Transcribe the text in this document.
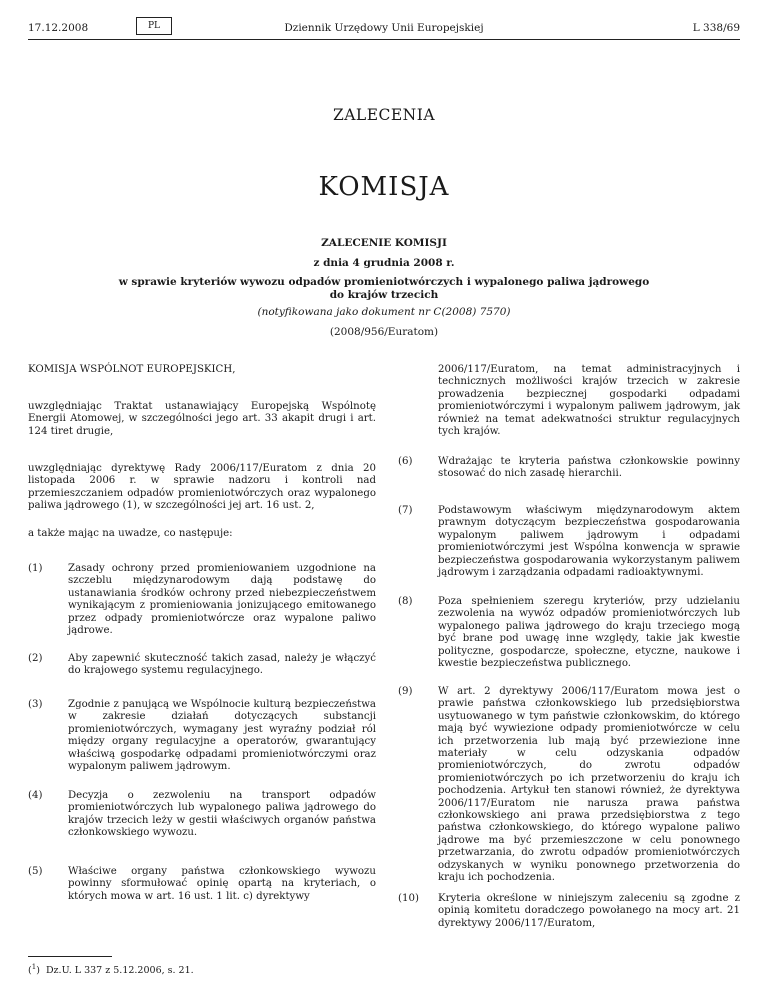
17.12.2008	PL	Dziennik Urzędowy Unii Europejskiej	L 338/69
ZALECENIA
KOMISJA
ZALECENIE KOMISJI
z dnia 4 grudnia 2008 r.
w sprawie kryteriów wywozu odpadów promieniotwórczych i wypalonego paliwa jądrowego do krajów trzecich
(notyfikowana jako dokument nr C(2008) 7570)
(2008/956/Euratom)
KOMISJA WSPÓLNOT EUROPEJSKICH,
uwzględniając Traktat ustanawiający Europejską Wspólnotę Energii Atomowej, w szczególności jego art. 33 akapit drugi i art. 124 tiret drugie,
uwzględniając dyrektywę Rady 2006/117/Euratom z dnia 20 listopada 2006 r. w sprawie nadzoru i kontroli nad przemieszczaniem odpadów promieniotwórczych oraz wypalonego paliwa jądrowego (1), w szczególności jej art. 16 ust. 2,
a także mając na uwadze, co następuje:
(1)	Zasady ochrony przed promieniowaniem uzgodnione na szczeblu międzynarodowym dają podstawę do ustanawiania środków ochrony przed niebezpieczeństwem wynikającym z promieniowania jonizującego emitowanego przez odpady promieniotwórcze oraz wypalone paliwo jądrowe.
(2)	Aby zapewnić skuteczność takich zasad, należy je włączyć do krajowego systemu regulacyjnego.
(3)	Zgodnie z panującą we Wspólnocie kulturą bezpieczeństwa w zakresie działań dotyczących substancji promieniotwórczych, wymagany jest wyraźny podział ról między organy regulacyjne a operatorów, gwarantujący właściwą gospodarkę odpadami promieniotwórczymi oraz wypalonym paliwem jądrowym.
(4)	Decyzja o zezwoleniu na transport odpadów promieniotwórczych lub wypalonego paliwa jądrowego do krajów trzecich leży w gestii właściwych organów państwa członkowskiego wywozu.
(5)	Właściwe organy państwa członkowskiego wywozu powinny sformułować opinię opartą na kryteriach, o których mowa w art. 16 ust. 1 lit. c) dyrektywy
($^1$)  Dz.U. L 337 z 5.12.2006, s. 21.
2006/117/Euratom, na temat administracyjnych i technicznych możliwości krajów trzecich w zakresie prowadzenia bezpiecznej gospodarki odpadami promieniotwórczymi i wypalonym paliwem jądrowym, jak również na temat adekwatności struktur regulacyjnych tych krajów.
(6)	Wdrażając te kryteria państwa członkowskie powinny stosować do nich zasadę hierarchii.
(7)	Podstawowym właściwym międzynarodowym aktem prawnym dotyczącym bezpieczeństwa gospodarowania wypalonym paliwem jądrowym i odpadami promieniotwórczymi jest Wspólna konwencja w sprawie bezpieczeństwa gospodarowania wykorzystanym paliwem jądrowym i zarządzania odpadami radioaktywnymi.
(8)	Poza spełnieniem szeregu kryteriów, przy udzielaniu zezwolenia na wywóz odpadów promieniotwórczych lub wypalonego paliwa jądrowego do kraju trzeciego mogą być brane pod uwagę inne względy, takie jak kwestie polityczne, gospodarcze, społeczne, etyczne, naukowe i kwestie bezpieczeństwa publicznego.
(9)	W art. 2 dyrektywy 2006/117/Euratom mowa jest o prawie państwa członkowskiego lub przedsiębiorstwa usytuowanego w tym państwie członkowskim, do którego mają być wywiezione odpady promieniotwórcze w celu ich przetworzenia lub mają być przewiezione inne materiały w celu odzyskania odpadów promieniotwórczych, do zwrotu odpadów promieniotwórczych po ich przetworzeniu do kraju ich pochodzenia. Artykuł ten stanowi również, że dyrektywa 2006/117/Euratom nie narusza prawa państwa członkowskiego ani prawa przedsiębiorstwa z tego państwa członkowskiego, do którego wypalone paliwo jądrowe ma być przemieszczone w celu ponownego przetwarzania, do zwrotu odpadów promieniotwórczych odzyskanych w wyniku ponownego przetworzenia do kraju ich pochodzenia.
(10)	Kryteria określone w niniejszym zaleceniu są zgodne z opinią komitetu doradczego powołanego na mocy art. 21 dyrektywy 2006/117/Euratom,
